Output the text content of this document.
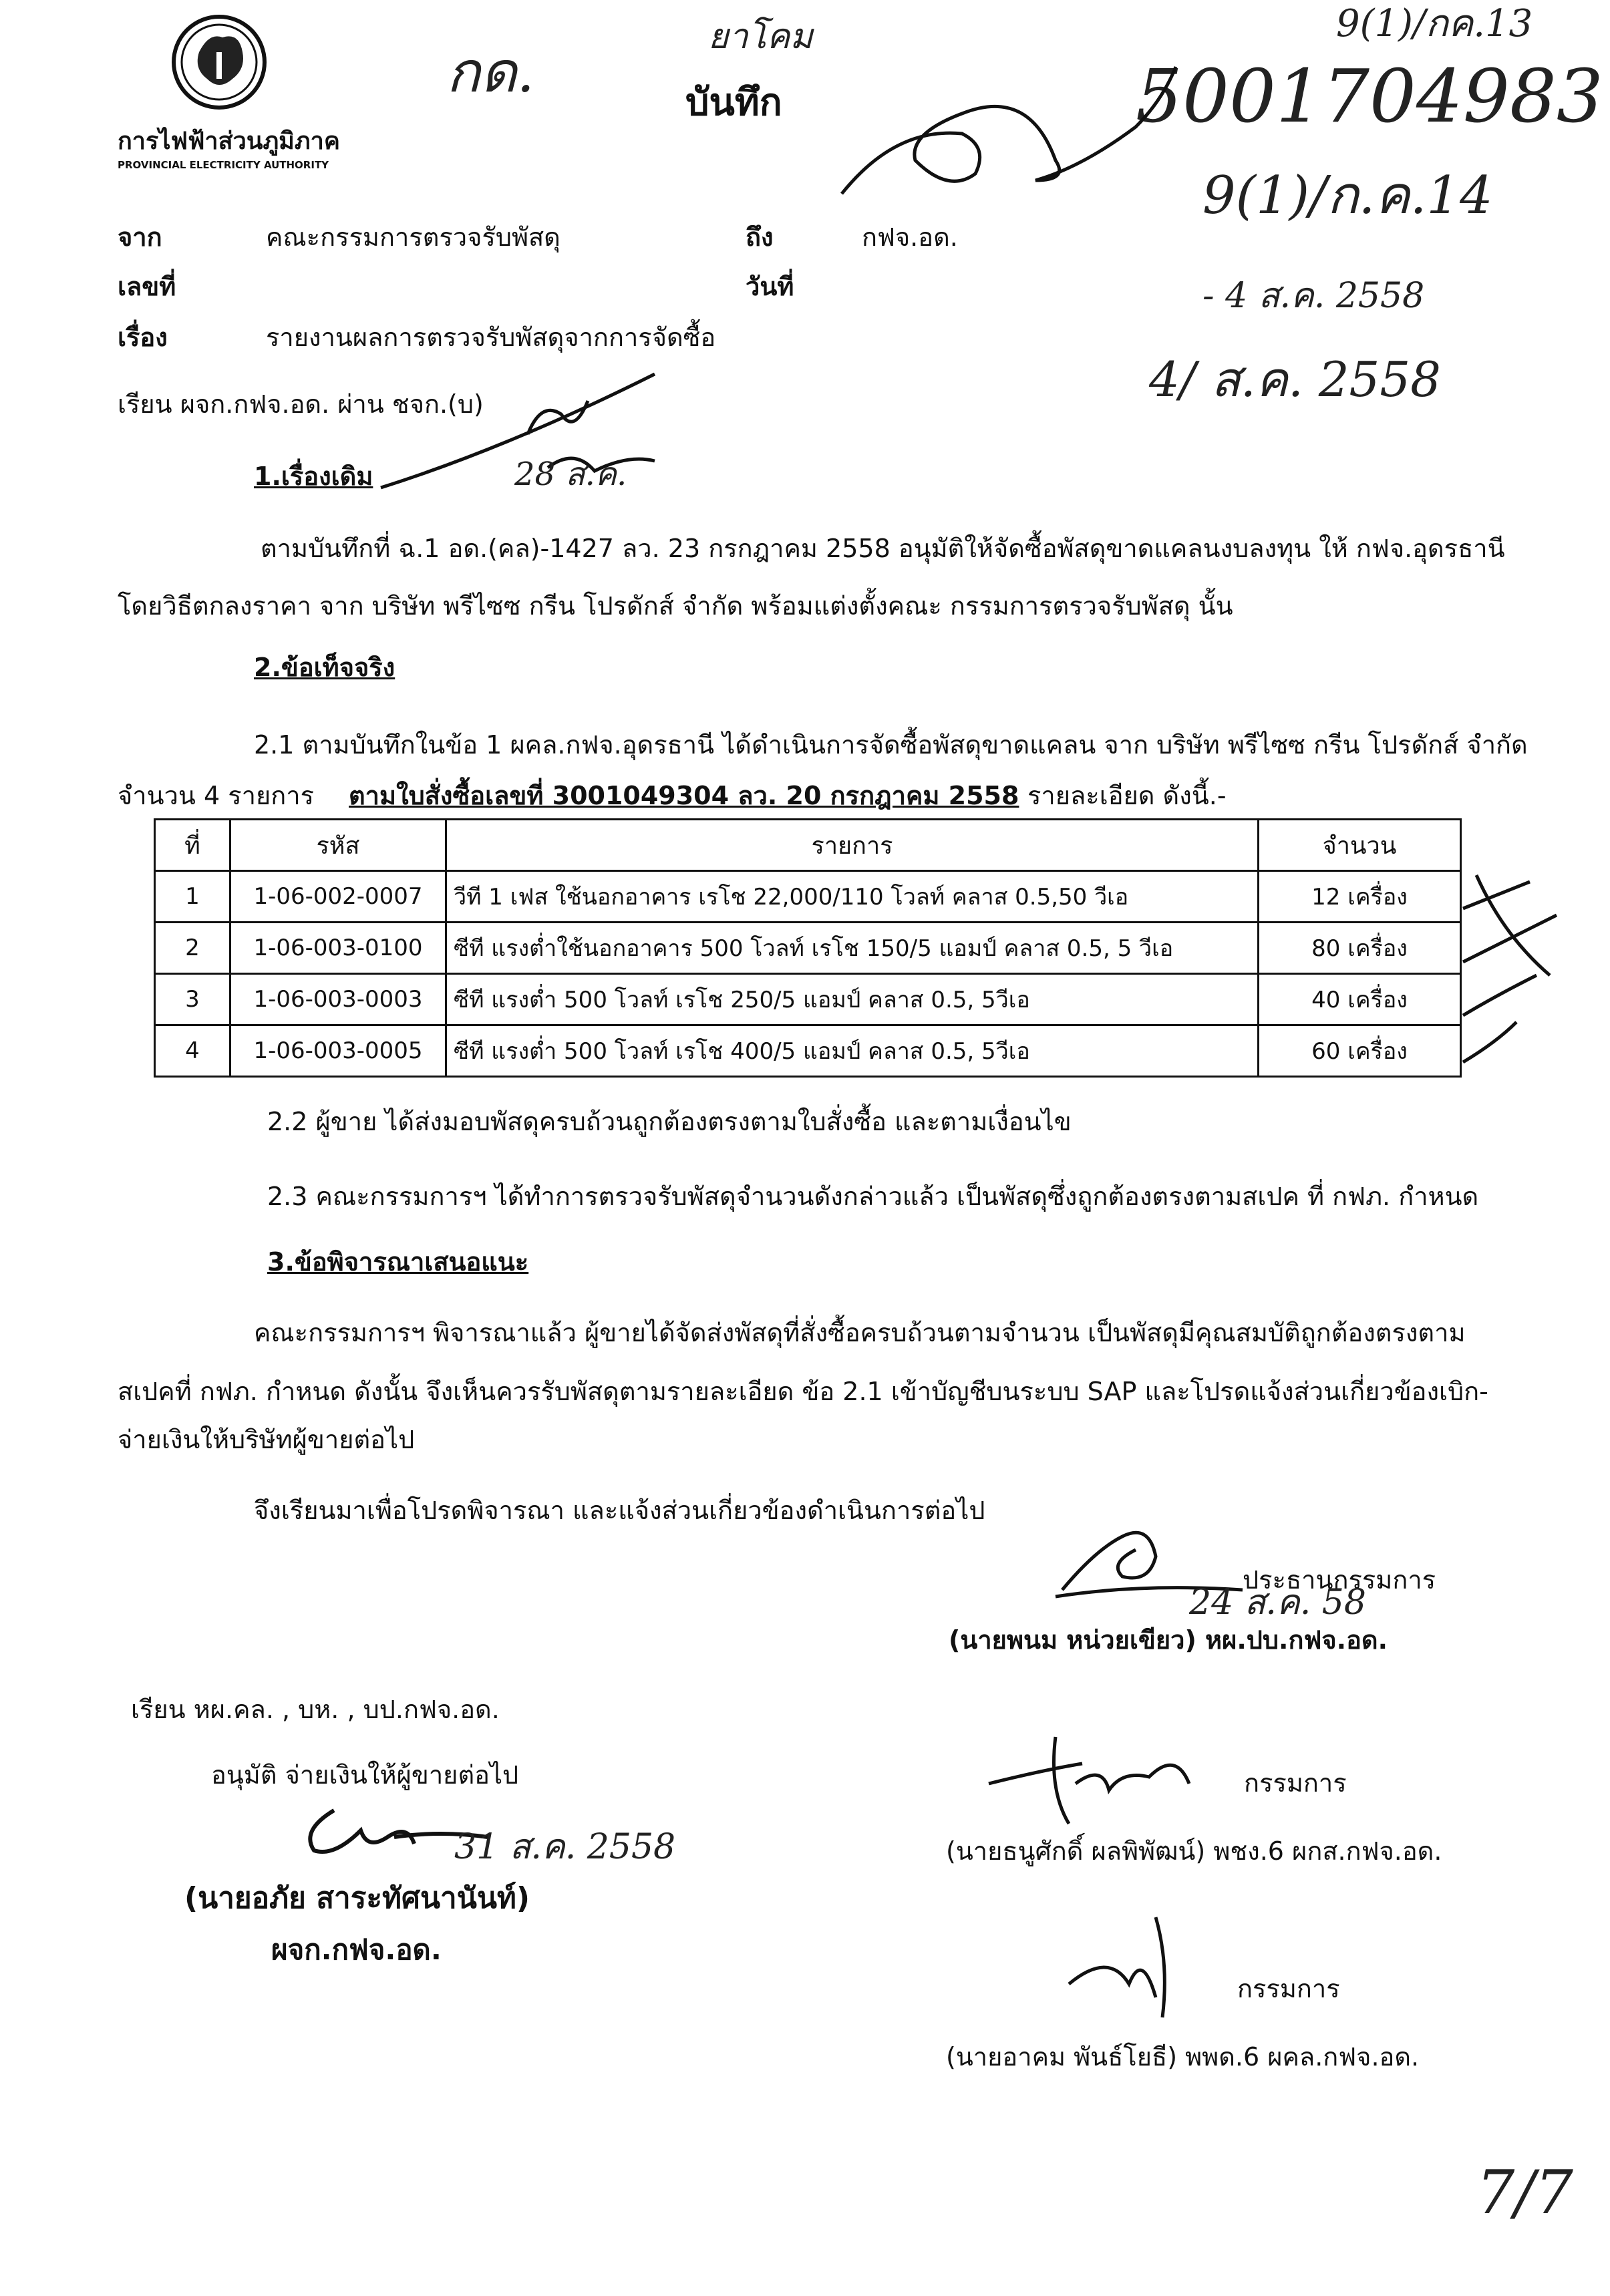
การไฟฟ้าส่วนภูมิภาค
PROVINCIAL ELECTRICITY AUTHORITY
ยาโคม
กด.	บันทึก
9(1)/กค.13
5001704983
9(1)/ก.ค.14
- 4 ส.ค. 2558
4/ ส.ค. 2558
จาก	คณะกรรมการตรวจรับพัสดุ	ถึง	กฟจ.อด.
เลขที่	วันที่
เรื่อง	รายงานผลการตรวจรับพัสดุจากการจัดซื้อ
เรียน ผจก.กฟจ.อด. ผ่าน ชจก.(บ)
28 ส.ค.
1.เรื่องเดิม
ตามบันทึกที่ ฉ.1 อด.(คล)-1427 ลว. 23 กรกฎาคม 2558 อนุมัติให้จัดซื้อพัสดุขาดแคลนงบลงทุน ให้ กฟจ.อุดรธานี
โดยวิธีตกลงราคา จาก บริษัท พรีไซซ กรีน โปรดักส์ จำกัด พร้อมแต่งตั้งคณะ กรรมการตรวจรับพัสดุ นั้น
2.ข้อเท็จจริง
2.1 ตามบันทึกในข้อ 1 ผคล.กฟจ.อุดรธานี ได้ดำเนินการจัดซื้อพัสดุขาดแคลน จาก บริษัท พรีไซซ กรีน โปรดักส์ จำกัด
จำนวน 4 รายการ ตามใบสั่งซื้อเลขที่ 3001049304 ลว. 20 กรกฎาคม 2558 รายละเอียด ดังนี้.-
ที่	รหัส	รายการ	จำนวน
1	1-06-002-0007	วีที 1 เฟส ใช้นอกอาคาร เรโช 22,000/110 โวลท์ คลาส 0.5,50 วีเอ	12 เครื่อง
2	1-06-003-0100	ซีที แรงต่ำใช้นอกอาคาร 500 โวลท์ เรโช 150/5 แอมป์ คลาส 0.5, 5 วีเอ	80 เครื่อง
3	1-06-003-0003	ซีที แรงต่ำ 500 โวลท์ เรโช 250/5 แอมป์ คลาส 0.5, 5วีเอ	40 เครื่อง
4	1-06-003-0005	ซีที แรงต่ำ 500 โวลท์ เรโช 400/5 แอมป์ คลาส 0.5, 5วีเอ	60 เครื่อง
2.2 ผู้ขาย ได้ส่งมอบพัสดุครบถ้วนถูกต้องตรงตามใบสั่งซื้อ และตามเงื่อนไข
2.3 คณะกรรมการฯ ได้ทำการตรวจรับพัสดุจำนวนดังกล่าวแล้ว เป็นพัสดุซึ่งถูกต้องตรงตามสเปค ที่ กฟภ. กำหนด
3.ข้อพิจารณาเสนอแนะ
คณะกรรมการฯ พิจารณาแล้ว ผู้ขายได้จัดส่งพัสดุที่สั่งซื้อครบถ้วนตามจำนวน เป็นพัสดุมีคุณสมบัติถูกต้องตรงตาม
สเปคที่ กฟภ. กำหนด ดังนั้น จึงเห็นควรรับพัสดุตามรายละเอียด ข้อ 2.1 เข้าบัญชีบนระบบ SAP และโปรดแจ้งส่วนเกี่ยวข้องเบิก-
จ่ายเงินให้บริษัทผู้ขายต่อไป
จึงเรียนมาเพื่อโปรดพิจารณา และแจ้งส่วนเกี่ยวข้องดำเนินการต่อไป
ประธานกรรมการ
24 ส.ค. 58
(นายพนม หน่วยเขียว) หผ.ปบ.กฟจ.อด.
เรียน หผ.คล. , บห. , บป.กฟจ.อด.
อนุมัติ จ่ายเงินให้ผู้ขายต่อไป
31 ส.ค. 2558
(นายอภัย สาระทัศนานันท์)
ผจก.กฟจ.อด.
กรรมการ
(นายธนูศักดิ์ ผลพิพัฒน์) พชง.6 ผกส.กฟจ.อด.
กรรมการ
(นายอาคม พันธ์โยธี) พพด.6 ผคล.กฟจ.อด.
7/7
